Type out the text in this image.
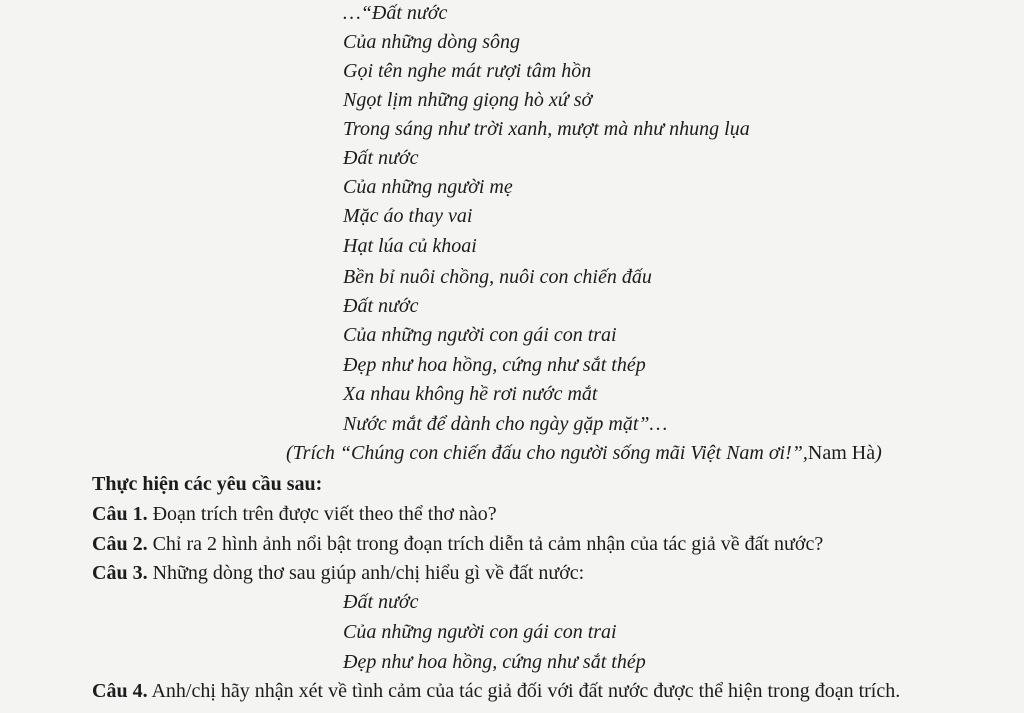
…“Đất nước
Của những dòng sông
Gọi tên nghe mát rượi tâm hồn
Ngọt lịm những giọng hò xứ sở
Trong sáng như trời xanh, mượt mà như nhung lụa
Đất nước
Của những người mẹ
Mặc áo thay vai
Hạt lúa củ khoai
Bền bỉ nuôi chồng, nuôi con chiến đấu
Đất nước
Của những người con gái con trai
Đẹp như hoa hồng, cứng như sắt thép
Xa nhau không hề rơi nước mắt
Nước mắt để dành cho ngày gặp mặt”…
(Trích “Chúng con chiến đấu cho người sống mãi Việt Nam ơi!”,Nam Hà)
Thực hiện các yêu cầu sau:
Câu 1. Đoạn trích trên được viết theo thể thơ nào?
Câu 2. Chỉ ra 2 hình ảnh nổi bật trong đoạn trích diễn tả cảm nhận của tác giả về đất nước?
Câu 3. Những dòng thơ sau giúp anh/chị hiểu gì về đất nước:
Đất nước
Của những người con gái con trai
Đẹp như hoa hồng, cứng như sắt thép
Câu 4. Anh/chị hãy nhận xét về tình cảm của tác giả đối với đất nước được thể hiện trong đoạn trích.
